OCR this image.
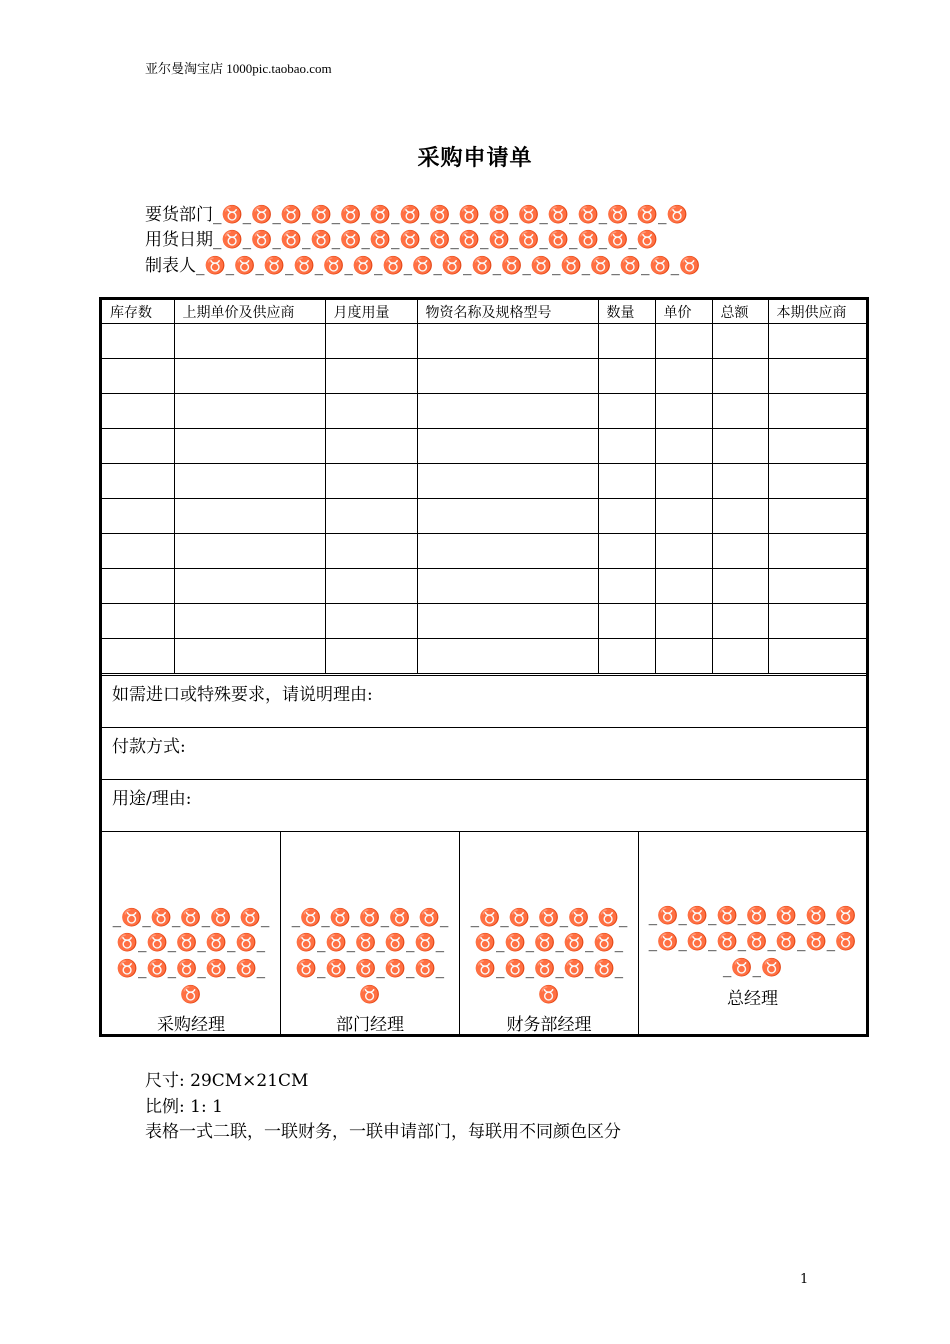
亚尔曼淘宝店 1000pic.taobao.com
采购申请单
要货部门_♉_♉_♉_♉_♉_♉_♉_♉_♉_♉_♉_♉_♉_♉_♉_♉
用货日期_♉_♉_♉_♉_♉_♉_♉_♉_♉_♉_♉_♉_♉_♉_♉
制表人_♉_♉_♉_♉_♉_♉_♉_♉_♉_♉_♉_♉_♉_♉_♉_♉_♉
库存数	上期单价及供应商	月度用量	物资名称及规格型号	数量	单价	总额	本期供应商

如需进口或特殊要求，请说明理由:
付款方式:
用途/理由:
_♉_♉_♉_♉_♉_
♉_♉_♉_♉_♉_
♉_♉_♉_♉_♉_
♉
采购经理
_♉_♉_♉_♉_♉_
♉_♉_♉_♉_♉_
♉_♉_♉_♉_♉_
♉
部门经理
_♉_♉_♉_♉_♉_
♉_♉_♉_♉_♉_
♉_♉_♉_♉_♉_
♉
财务部经理
_♉_♉_♉_♉_♉_♉_♉
_♉_♉_♉_♉_♉_♉_♉
_♉_♉
总经理
尺寸: 29CM×21CM
比例: 1: 1
表格一式二联，一联财务，一联申请部门，每联用不同颜色区分
1
